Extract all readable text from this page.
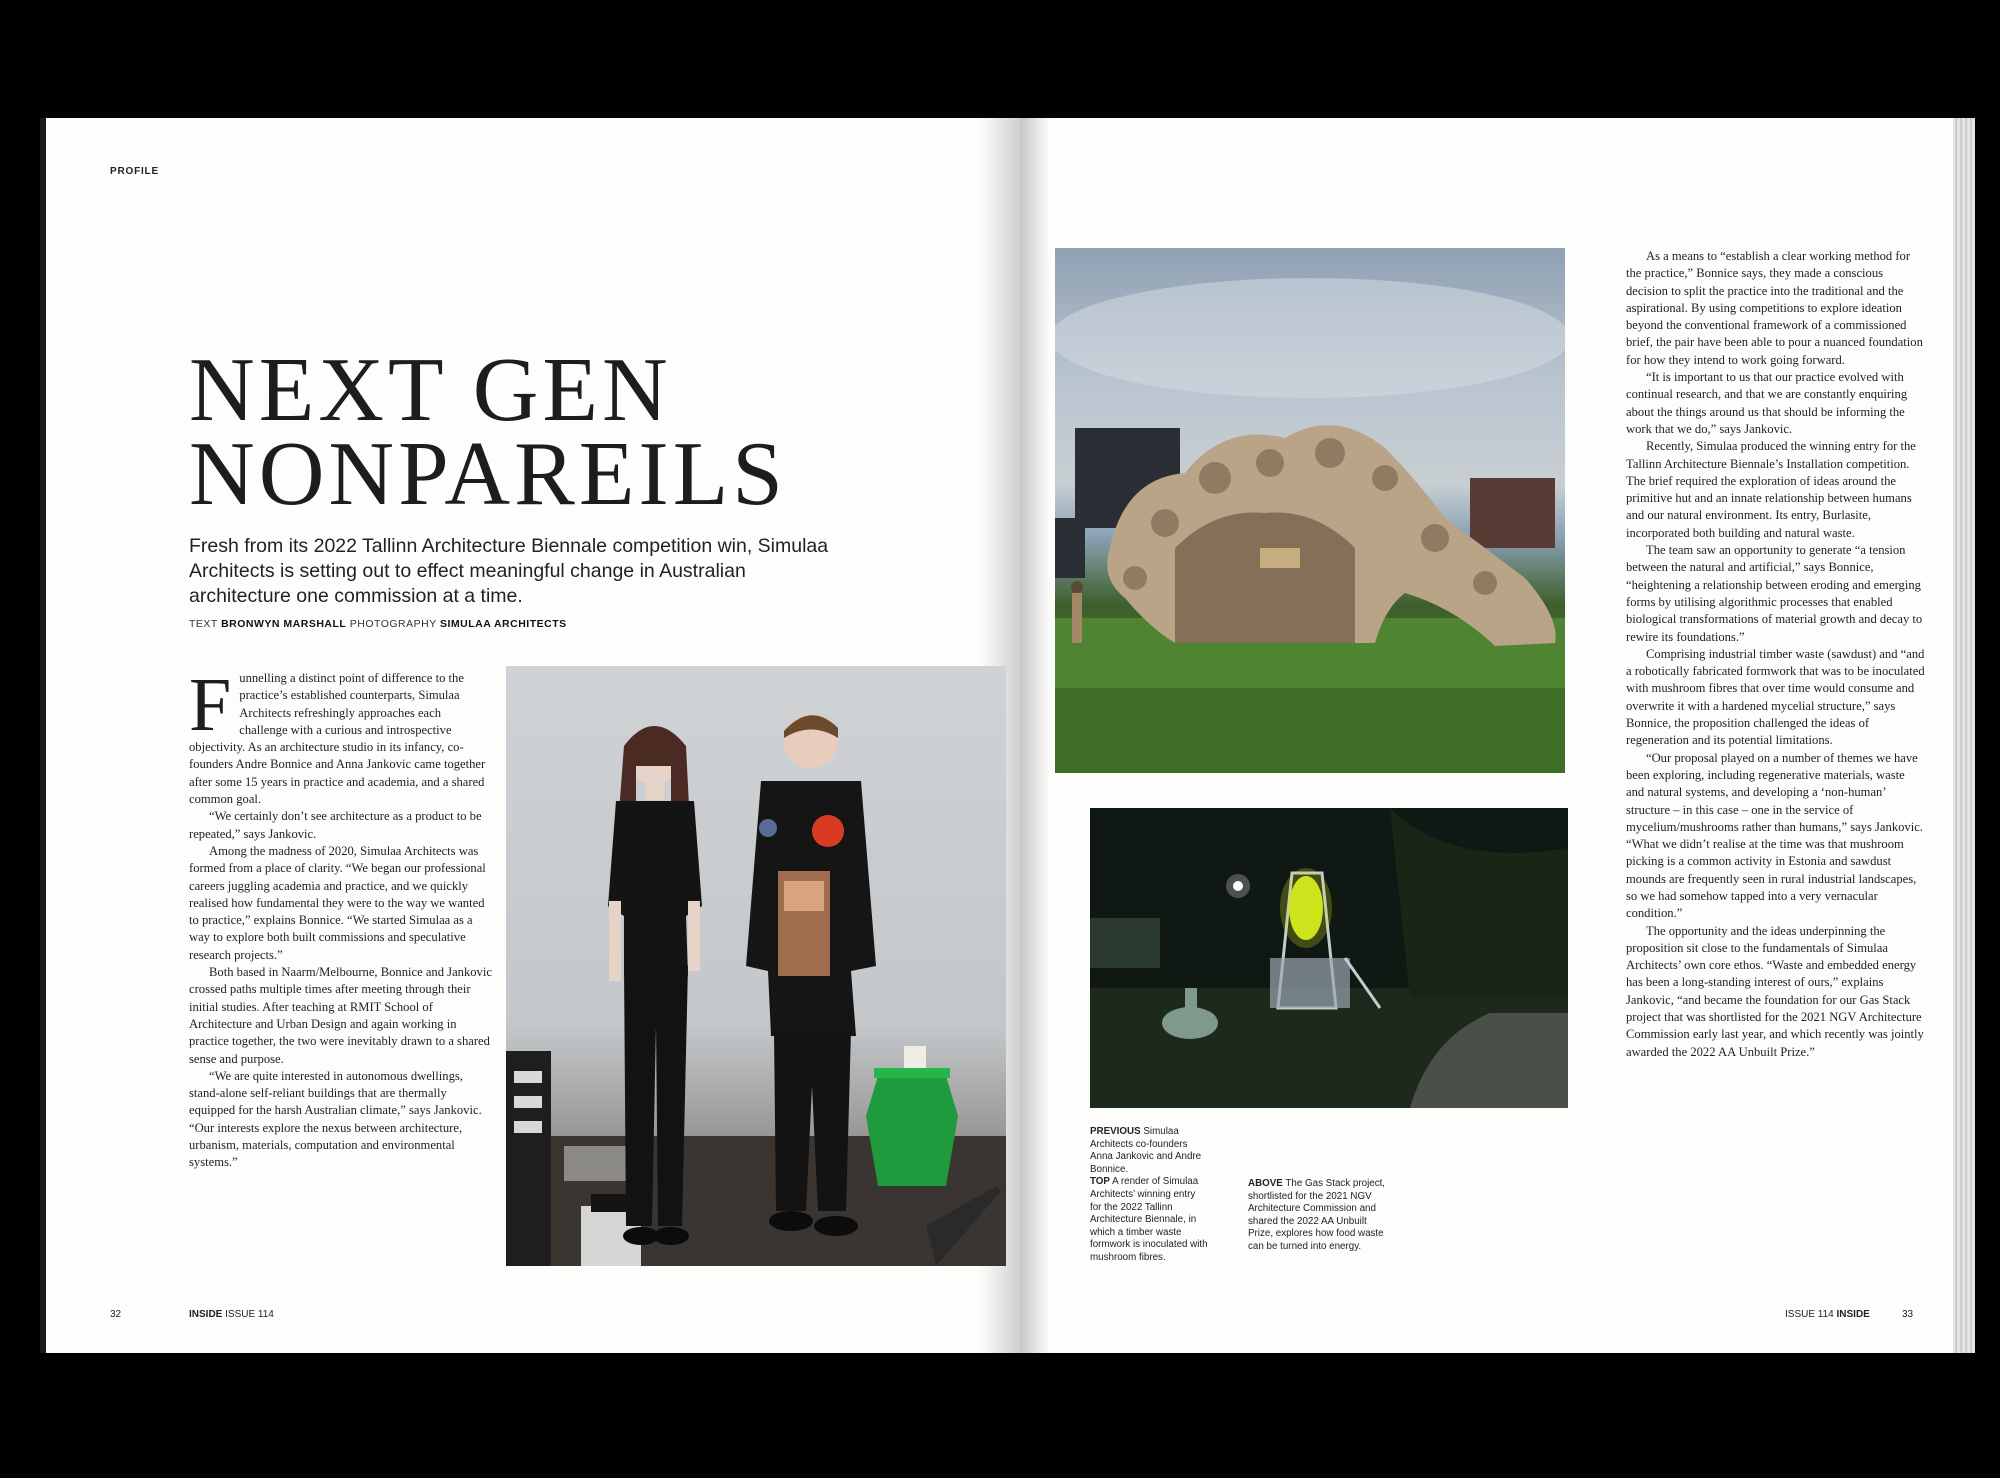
PROFILE
NEXT GEN
NONPAREILS
Fresh from its 2022 Tallinn Architecture Biennale competition win, Simulaa Architects is setting out to effect meaningful change in Australian architecture one commission at a time.
TEXT BRONWYN MARSHALL PHOTOGRAPHY SIMULAA ARCHITECTS

Funnelling a distinct point of difference to the practice’s established counterparts, Simulaa Architects refreshingly approaches each challenge with a curious and introspective objectivity. As an architecture studio in its infancy, co-founders Andre Bonnice and Anna Jankovic came together after some 15 years in practice and academia, and a shared common goal.

“We certainly don’t see architecture as a product to be repeated,” says Jankovic.

Among the madness of 2020, Simulaa Architects was formed from a place of clarity. “We began our professional careers juggling academia and practice, and we quickly realised how fundamental they were to the way we wanted to practice,” explains Bonnice. “We started Simulaa as a way to explore both built commissions and speculative research projects.”

Both based in Naarm/Melbourne, Bonnice and Jankovic crossed paths multiple times after meeting through their initial studies. After teaching at RMIT School of Architecture and Urban Design and again working in practice together, the two were inevitably drawn to a shared sense and purpose.

“We are quite interested in autonomous dwellings, stand-alone self-reliant buildings that are thermally equipped for the harsh Australian climate,” says Jankovic. “Our interests explore the nexus between architecture, urbanism, materials, computation and environmental systems.”

32	INSIDE ISSUE 114
PREVIOUS Simulaa Architects co-founders Anna Jankovic and Andre Bonnice.
TOP A render of Simulaa Architects’ winning entry for the 2022 Tallinn Architecture Biennale, in which a timber waste formwork is inoculated with mushroom fibres.
ABOVE The Gas Stack project, shortlisted for the 2021 NGV Architecture Commission and shared the 2022 AA Unbuilt Prize, explores how food waste can be turned into energy.

As a means to “establish a clear working method for the practice,” Bonnice says, they made a conscious decision to split the practice into the traditional and the aspirational. By using competitions to explore ideation beyond the conventional framework of a commissioned brief, the pair have been able to pour a nuanced foundation for how they intend to work going forward.

“It is important to us that our practice evolved with continual research, and that we are constantly enquiring about the things around us that should be informing the work that we do,” says Jankovic.

Recently, Simulaa produced the winning entry for the Tallinn Architecture Biennale’s Installation competition. The brief required the exploration of ideas around the primitive hut and an innate relationship between humans and our natural environment. Its entry, Burlasite, incorporated both building and natural waste.

The team saw an opportunity to generate “a tension between the natural and artificial,” says Bonnice, “heightening a relationship between eroding and emerging forms by utilising algorithmic processes that enabled biological transformations of material growth and decay to rewire its foundations.”

Comprising industrial timber waste (sawdust) and “and a robotically fabricated formwork that was to be inoculated with mushroom fibres that over time would consume and overwrite it with a hardened mycelial structure,” says Bonnice, the proposition challenged the ideas of regeneration and its potential limitations.

“Our proposal played on a number of themes we have been exploring, including regenerative materials, waste and natural systems, and developing a ‘non-human’ structure – in this case – one in the service of mycelium/mushrooms rather than humans,” says Jankovic. “What we didn’t realise at the time was that mushroom picking is a common activity in Estonia and sawdust mounds are frequently seen in rural industrial landscapes, so we had somehow tapped into a very vernacular condition.”

The opportunity and the ideas underpinning the proposition sit close to the fundamentals of Simulaa Architects’ own core ethos. “Waste and embedded energy has been a long-standing interest of ours,” explains Jankovic, “and became the foundation for our Gas Stack project that was shortlisted for the 2021 NGV Architecture Commission early last year, and which recently was jointly awarded the 2022 AA Unbuilt Prize.”

ISSUE 114 INSIDE	33
